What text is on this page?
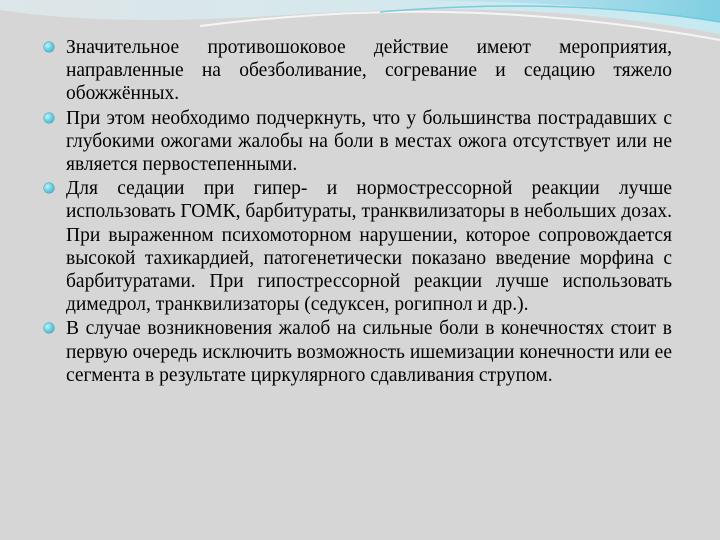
Значительное противошоковое действие имеют мероприятия, направленные на обезболивание, согревание и седацию тяжело обожжённых.
При этом необходимо подчеркнуть, что у большинства пострадавших с глубокими ожогами жалобы на боли в местах ожога отсутствует или не является первостепенными.
Для седации при гипер- и нормострессорной реакции лучше использовать ГОМК, барбитураты, транквилизаторы в небольших дозах. При выраженном психомоторном нарушении, которое сопровождается высокой тахикардией, патогенетически показано введение морфина с барбитуратами. При гипострессорной реакции лучше использовать димедрол, транквилизаторы (седуксен, рогипнол и др.).
В случае возникновения жалоб на сильные боли в конечностях стоит в первую очередь исключить возможность ишемизации конечности или ее сегмента в результате циркулярного сдавливания струпом.
